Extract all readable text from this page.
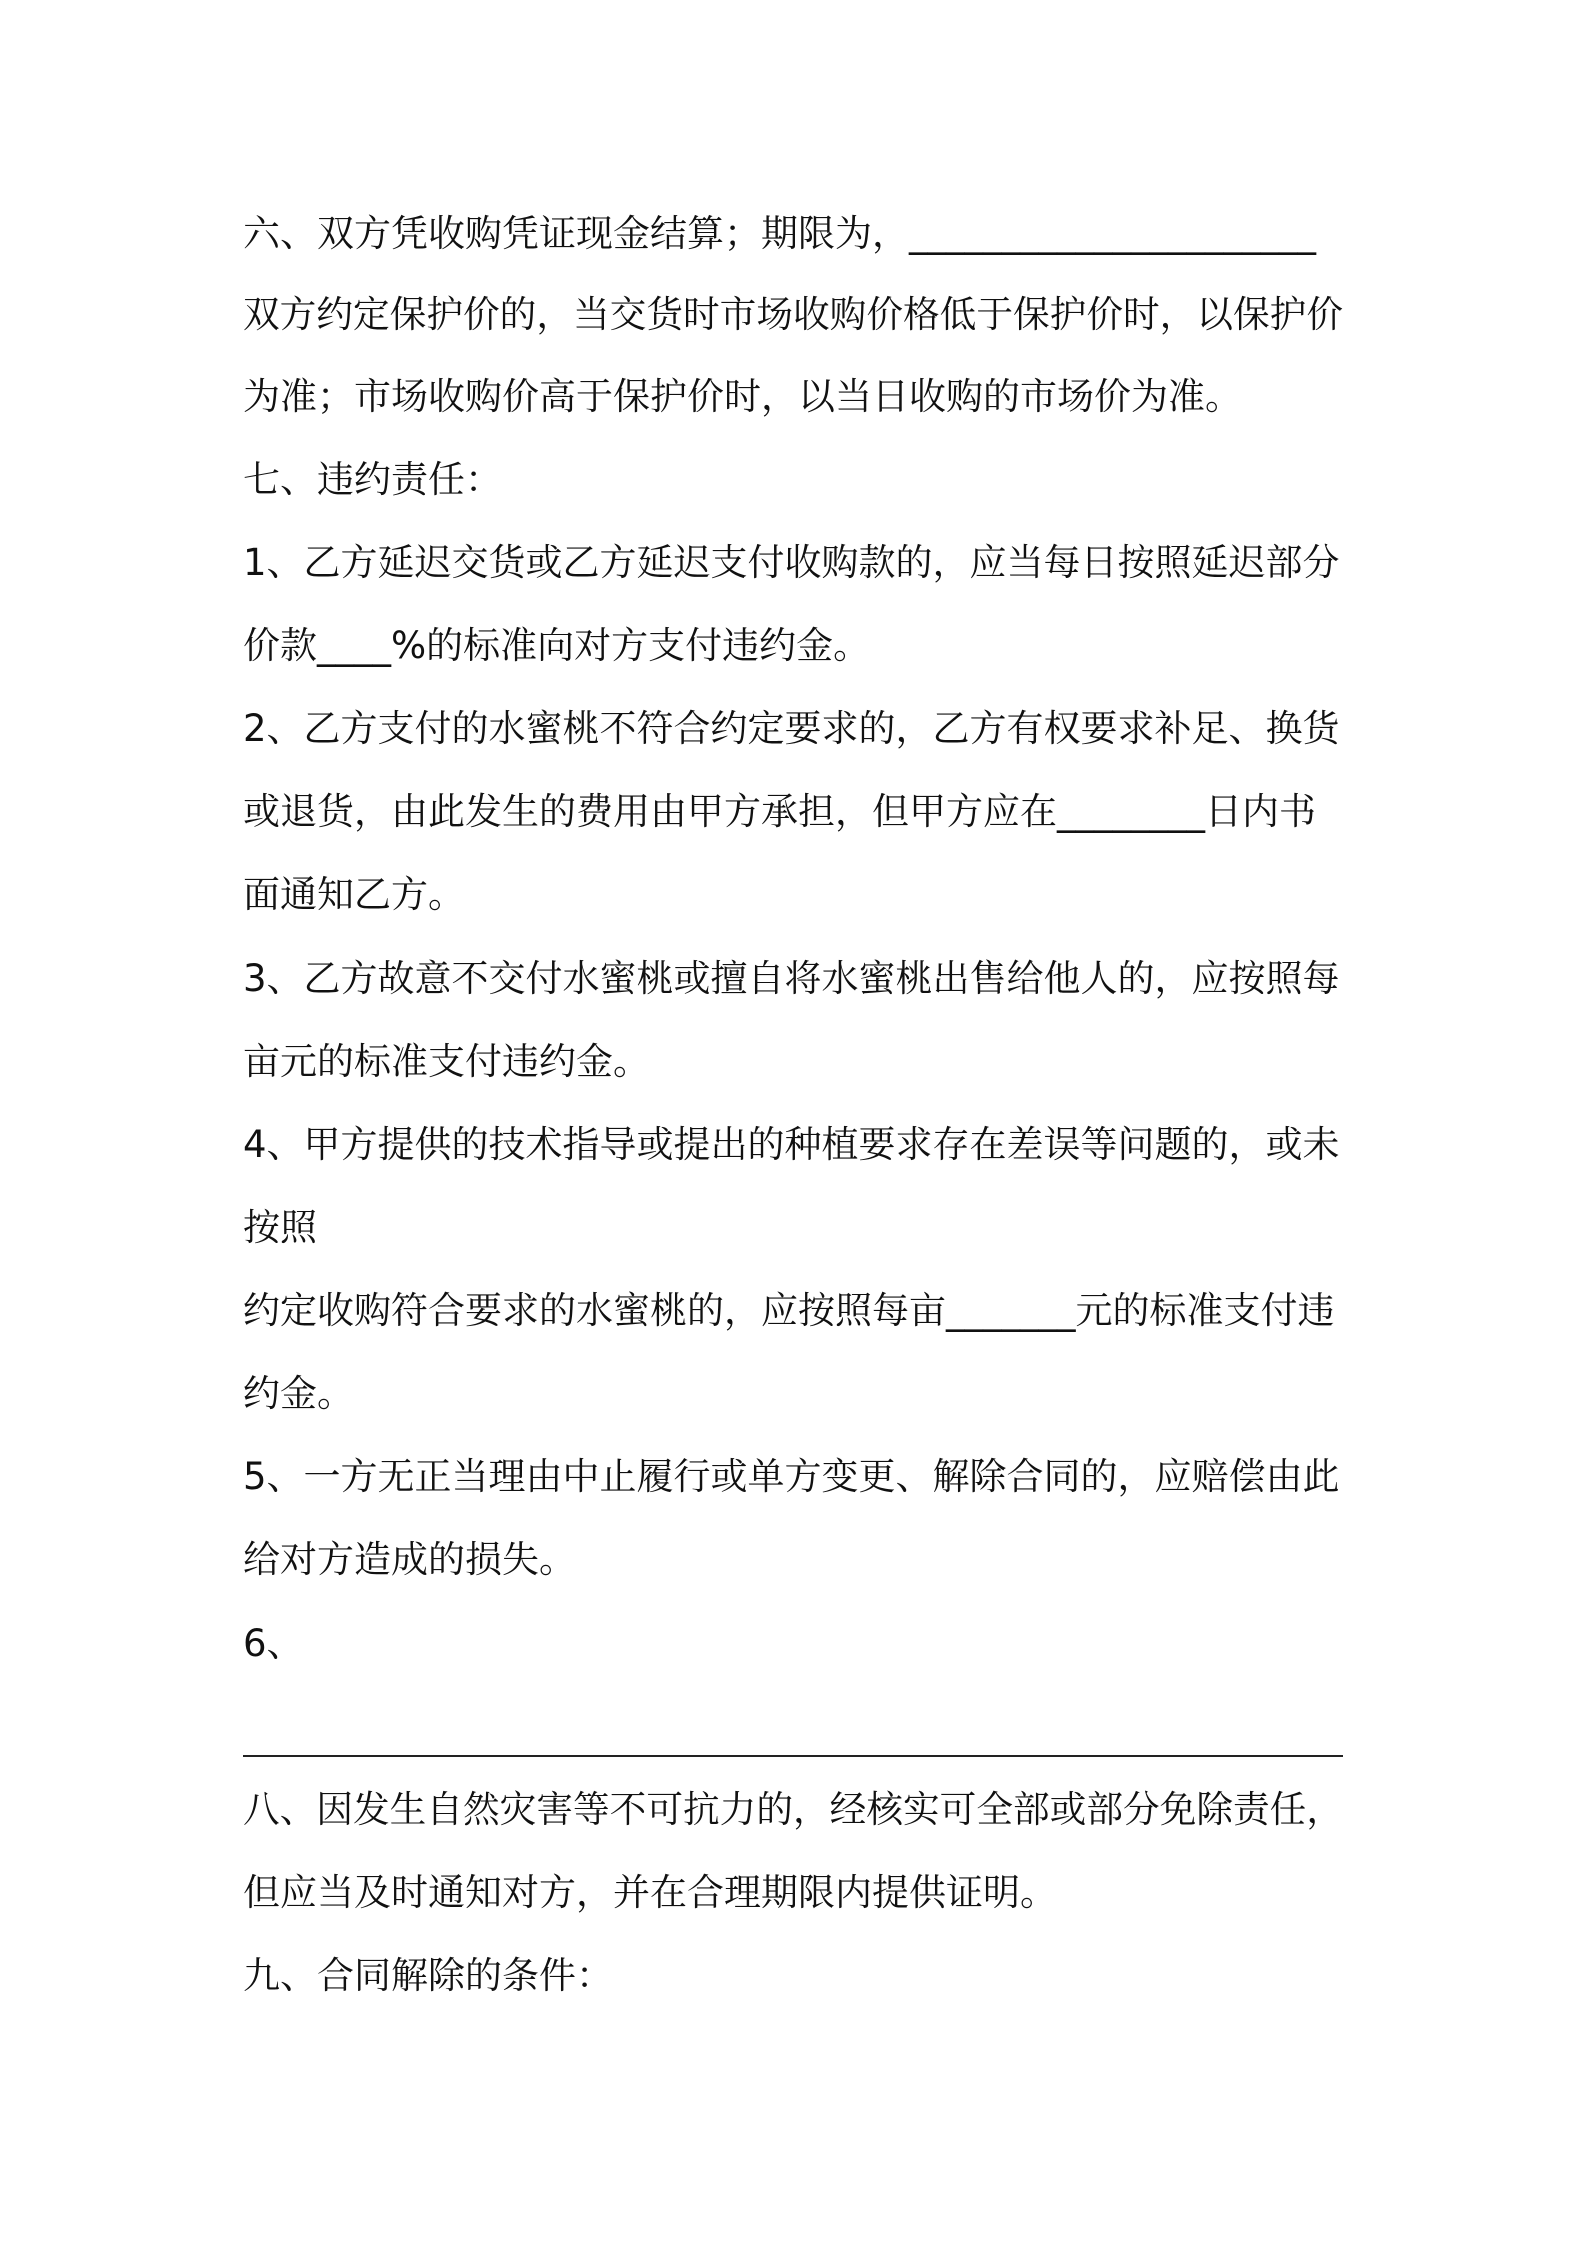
六、双方凭收购凭证现金结算；期限为，______________________

双方约定保护价的，当交货时市场收购价格低于保护价时，以保护价

为准；市场收购价高于保护价时，以当日收购的市场价为准。

七、违约责任：

1、乙方延迟交货或乙方延迟支付收购款的，应当每日按照延迟部分

价款____%的标准向对方支付违约金。

2、乙方支付的水蜜桃不符合约定要求的，乙方有权要求补足、换货

或退货，由此发生的费用由甲方承担，但甲方应在________日内书

面通知乙方。

3、乙方故意不交付水蜜桃或擅自将水蜜桃出售给他人的，应按照每

亩元的标准支付违约金。

4、甲方提供的技术指导或提出的种植要求存在差误等问题的，或未

按照

约定收购符合要求的水蜜桃的，应按照每亩_______元的标准支付违

约金。

5、一方无正当理由中止履行或单方变更、解除合同的，应赔偿由此

给对方造成的损失。

6、

八、因发生自然灾害等不可抗力的，经核实可全部或部分免除责任，

但应当及时通知对方，并在合理期限内提供证明。

九、合同解除的条件：
